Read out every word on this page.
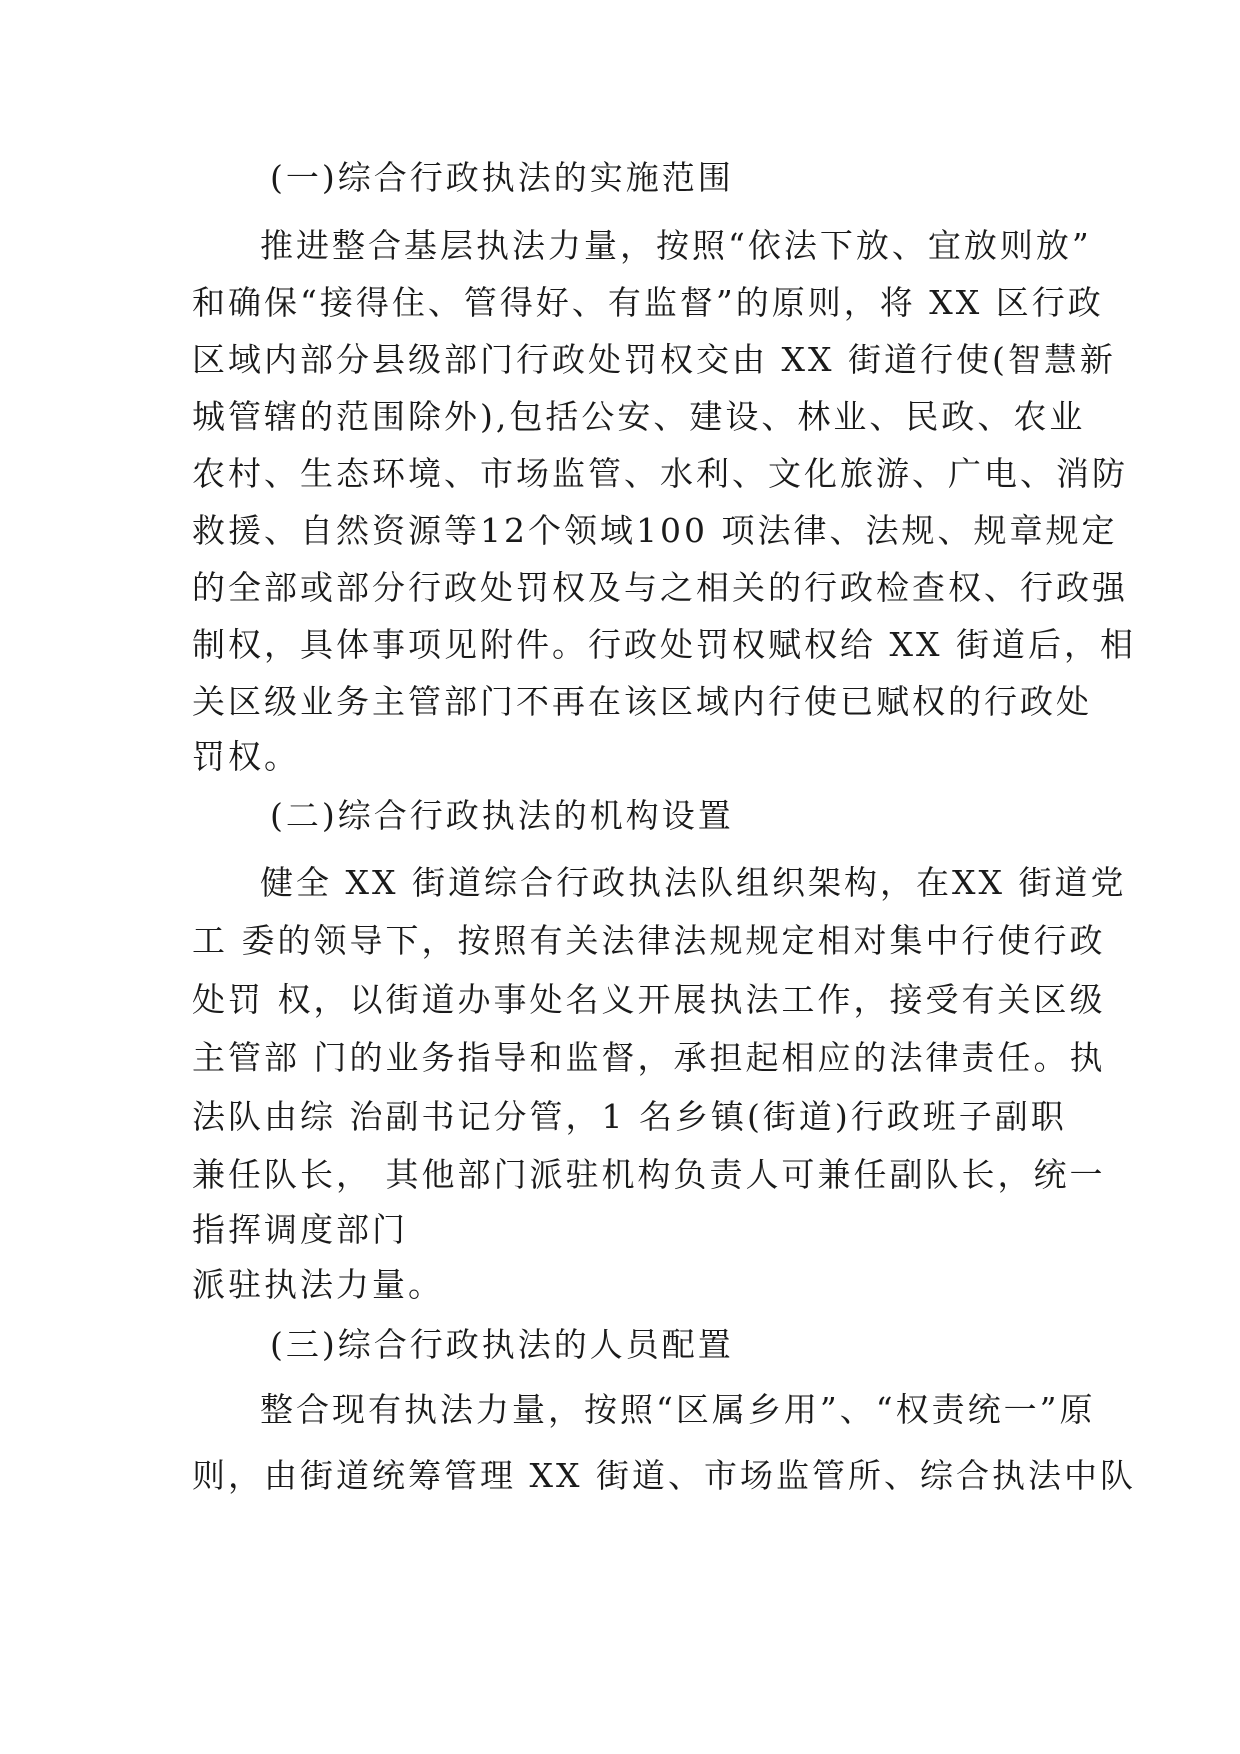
(一)综合行政执法的实施范围
推进整合基层执法力量，按照“依法下放、宜放则放”
和确保“接得住、管得好、有监督”的原则，将 XX 区行政
区域内部分县级部门行政处罚权交由 XX 街道行使(智慧新
城管辖的范围除外),包括公安、建设、林业、民政、农业
农村、生态环境、市场监管、水利、文化旅游、广电、消防
救援、自然资源等12个领域100 项法律、法规、规章规定
的全部或部分行政处罚权及与之相关的行政检查权、行政强
制权，具体事项见附件。行政处罚权赋权给 XX 街道后，相
关区级业务主管部门不再在该区域内行使已赋权的行政处
罚权。
(二)综合行政执法的机构设置
健全 XX 街道综合行政执法队组织架构，在XX 街道党
工 委的领导下，按照有关法律法规规定相对集中行使行政
处罚 权，以街道办事处名义开展执法工作，接受有关区级
主管部 门的业务指导和监督，承担起相应的法律责任。执
法队由综 治副书记分管，1 名乡镇(街道)行政班子副职
兼任队长， 其他部门派驻机构负责人可兼任副队长，统一
指挥调度部门
派驻执法力量。
(三)综合行政执法的人员配置
整合现有执法力量，按照“区属乡用”、“权责统一”原
则，由街道统筹管理 XX 街道、市场监管所、综合执法中队
